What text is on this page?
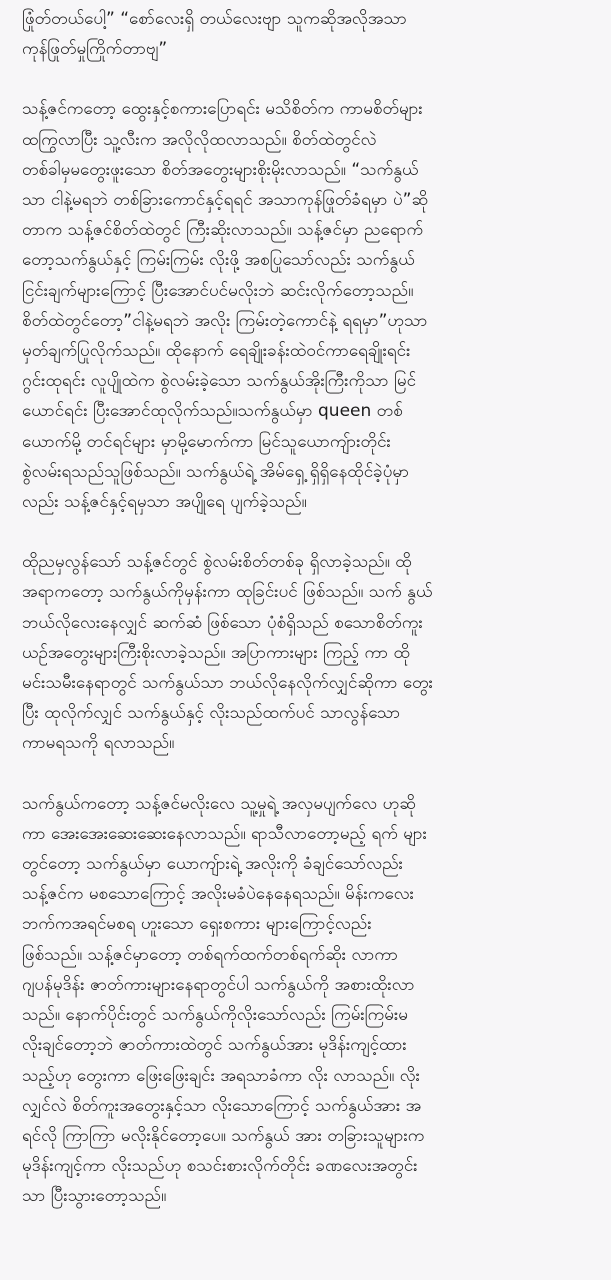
ဖြုံတ်တယ်ပေါ့” “စော်လေးရှိ တယ်လေးဗျာ သူကဆိုအလိုအသာ
ကုန်ဖြုတ်မှုကြိုက်တာဗျ”
သန့်ဇင်ကတော့ ထွေးနှင့်စကားပြောရင်း မသိစိတ်က ကာမစိတ်များ
ထကြွလာပြီး သူ့လီးက အလိုလိုထလာသည်။ စိတ်ထဲတွင်လဲ
တစ်ခါမှမတွေးဖူးသော စိတ်အတွေးများစိုးမိုးလာသည်။ “သက်နွယ်
သာ ငါနဲ့မရဘဲ တစ်ခြားကောင်နှင့်ရရင် အသာကုန်ဖြုတ်ခံရမှာ ပဲ”ဆို
တာက သန့်ဇင်စိတ်ထဲတွင် ကြီးဆိုးလာသည်။ သန့်ဇင်မှာ ညရောက်
တော့သက်နွယ်နှင့် ကြမ်းကြမ်း လိုးဖို့ အစပြုသော်လည်း သက်နွယ်
ငြင်းချက်များကြောင့် ပြီးအောင်ပင်မလိုးဘဲ ဆင်းလိုက်တော့သည်။
စိတ်ထဲတွင်တော့”ငါနဲ့မရဘဲ အလိုး ကြမ်းတဲ့ကောင်နဲ့ ရရမှာ”ဟုသာ
မှတ်ချက်ပြုလိုက်သည်။ ထိုနောက် ရေချိုးခန်းထဲဝင်ကာရေချိုးရင်း
ဂွင်းထုရင်း လူပျိုထဲက စွဲလမ်းခဲ့သော သက်နွယ်အိုးကြီးကိုသာ မြင်
ယောင်ရင်း ပြီးအောင်ထုလိုက်သည်။သက်နွယ်မှာ queen တစ်
ယောက်မို့ တင်ရင်များ မှာမို့မောက်ကာ မြင်သူယောကျ်ားတိုင်း
စွဲလမ်းရသည်သူဖြစ်သည်။ သက်နွယ်ရဲ့ အိမ်ရှေ့ ရှိရှိနေထိုင်ခဲ့ပုံမှာ
လည်း သန့်ဇင်နှင့်ရမှသာ အပျိုရေ ပျက်ခဲ့သည်။
ထိုညမှလွန်သော် သန့်ဇင်တွင် စွဲလမ်းစိတ်တစ်ခု ရှိလာခဲ့သည်။ ထို
အရာကတော့ သက်နွယ်ကိုမှန်းကာ ထုခြင်းပင် ဖြစ်သည်။ သက် နွယ်
ဘယ်လိုလေးနေလျှင် ဆက်ဆံ ဖြစ်သော ပုံစံရှိသည် စသောစိတ်ကူး
ယဉ်အတွေးများကြီးစိုးလာခဲ့သည်။ အပြာကားများ ကြည့် ကာ ထို
မင်းသမီးနေရာတွင် သက်နွယ်သာ ဘယ်လိုနေလိုက်လျှင်ဆိုကာ တွေး
ပြီး ထုလိုက်လျှင် သက်နွယ်နှင့် လိုးသည်ထက်ပင် သာလွန်သော
ကာမရသကို ရလာသည်။
သက်နွယ်ကတော့ သန့်ဇင်မလိုးလေ သူ့မှုရဲ့ အလှမပျက်လေ ဟုဆို
ကာ အေးအေးဆေးဆေးနေလာသည်။ ရာသီလာတော့မည့် ရက် များ
တွင်တော့ သက်နွယ်မှာ ယောကျ်ားရဲ့ အလိုးကို ခံချင်သော်လည်း
သန့်ဇင်က မစသောကြောင့် အလိုးမခံပဲနေနေရသည်။ မိန်းကလေး
ဘက်ကအရင်မစရ ဟူးသော ရှေးစကား များကြောင့်လည်း
ဖြစ်သည်။ သန့်ဇင်မှာတော့ တစ်ရက်ထက်တစ်ရက်ဆိုး လာကာ
ဂျပန်မုဒိန်း ဇာတ်ကားများနေရာတွင်ပါ သက်နွယ်ကို အစားထိုးလာ
သည်။ နောက်ပိုင်းတွင် သက်နွယ်ကိုလိုးသော်လည်း ကြမ်းကြမ်းမ
လိုးချင်တော့ဘဲ ဇာတ်ကားထဲတွင် သက်နွယ်အား မုဒိန်းကျင့်ထား
သည့်ဟု တွေးကာ ဖြေးဖြေးချင်း အရသာခံကာ လိုး လာသည်။ လိုး
လျှင်လဲ စိတ်ကူးအတွေးနှင့်သာ လိုးသောကြောင့် သက်နွယ်အား အ
ရင်လို ကြာကြာ မလိုးနိုင်တော့ပေ။ သက်နွယ် အား တခြားသူများက
မုဒိန်းကျင့်ကာ လိုးသည်ဟု စသင်းစားလိုက်တိုင်း ခဏလေးအတွင်း
သာ ပြီးသွားတော့သည်။
